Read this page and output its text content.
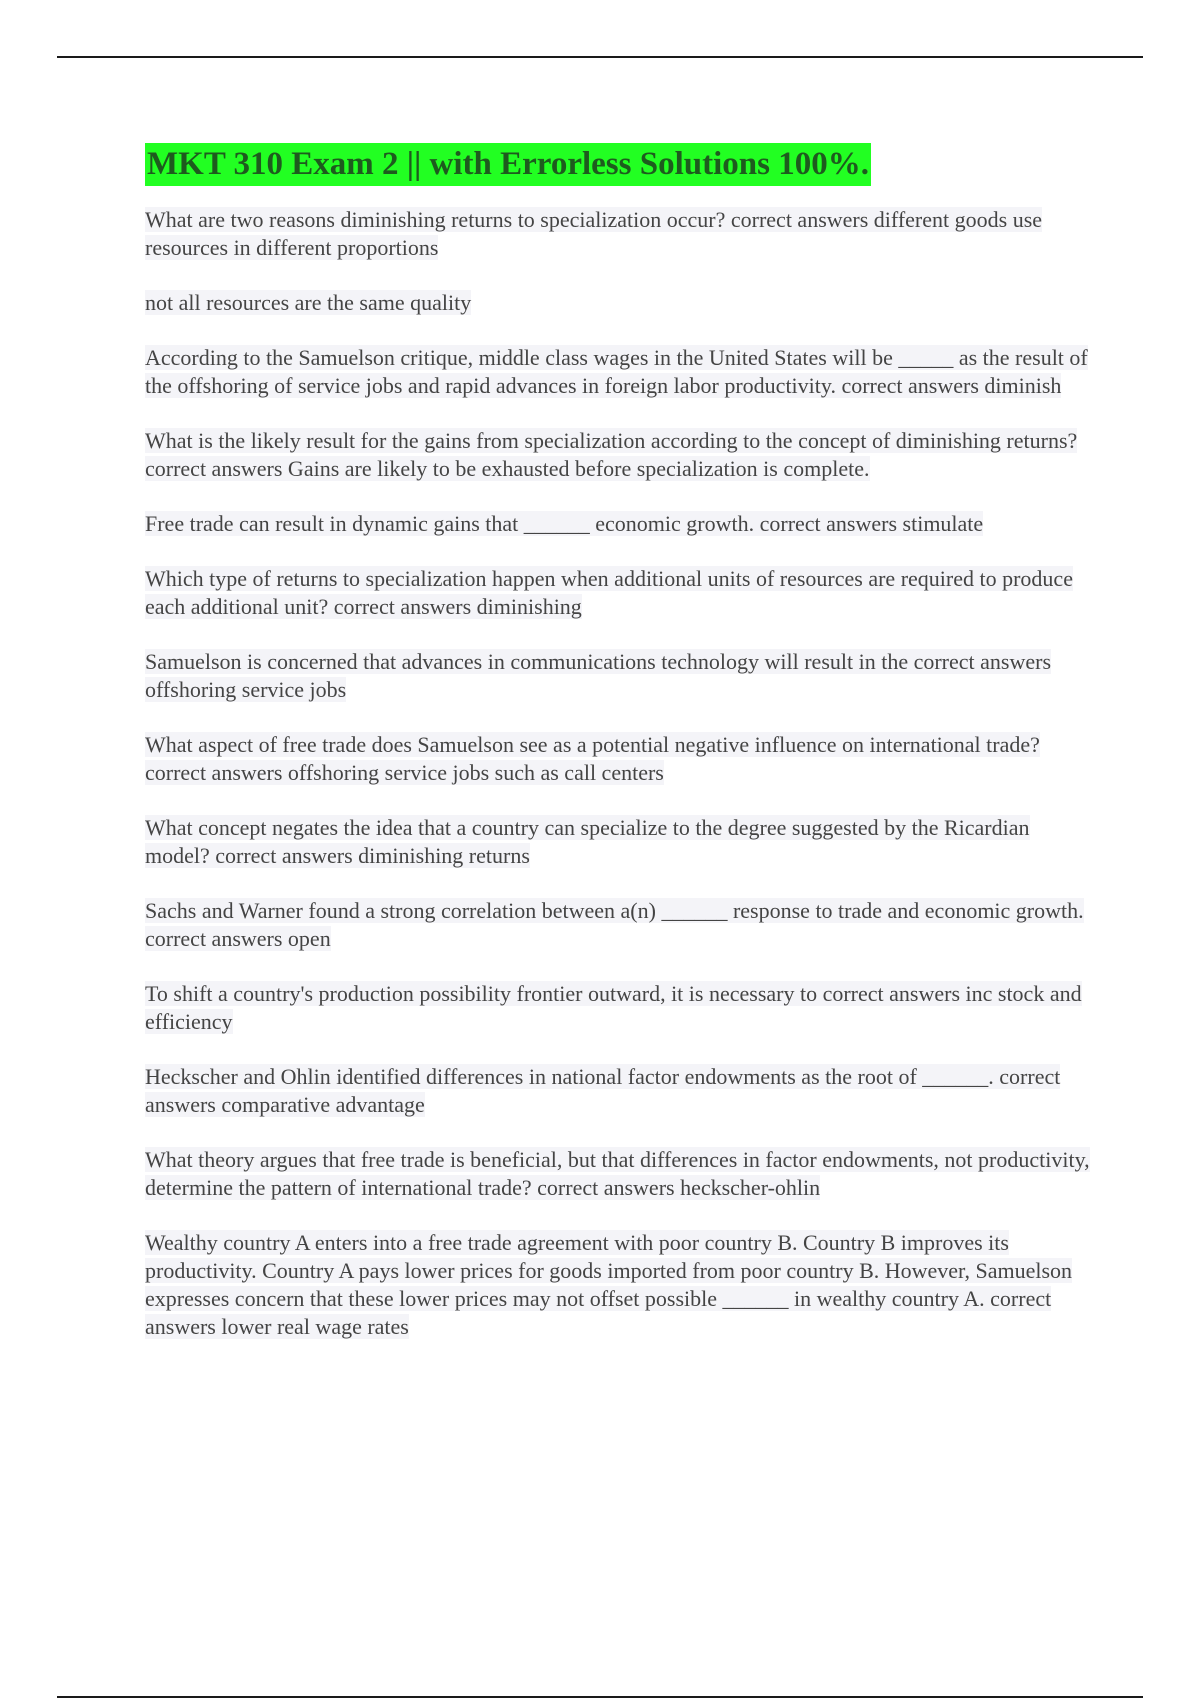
MKT 310 Exam 2 || with Errorless Solutions 100%.

What are two reasons diminishing returns to specialization occur? correct answers different goods use resources in different proportions

not all resources are the same quality

According to the Samuelson critique, middle class wages in the United States will be _____ as the result of the offshoring of service jobs and rapid advances in foreign labor productivity. correct answers diminish

What is the likely result for the gains from specialization according to the concept of diminishing returns? correct answers Gains are likely to be exhausted before specialization is complete.

Free trade can result in dynamic gains that ______ economic growth. correct answers stimulate

Which type of returns to specialization happen when additional units of resources are required to produce each additional unit? correct answers diminishing

Samuelson is concerned that advances in communications technology will result in the correct answers offshoring service jobs

What aspect of free trade does Samuelson see as a potential negative influence on international trade? correct answers offshoring service jobs such as call centers

What concept negates the idea that a country can specialize to the degree suggested by the Ricardian model? correct answers diminishing returns

Sachs and Warner found a strong correlation between a(n) ______ response to trade and economic growth. correct answers open

To shift a country's production possibility frontier outward, it is necessary to correct answers inc stock and efficiency

Heckscher and Ohlin identified differences in national factor endowments as the root of ______. correct answers comparative advantage

What theory argues that free trade is beneficial, but that differences in factor endowments, not productivity, determine the pattern of international trade? correct answers heckscher-ohlin

Wealthy country A enters into a free trade agreement with poor country B. Country B improves its productivity. Country A pays lower prices for goods imported from poor country B. However, Samuelson expresses concern that these lower prices may not offset possible ______ in wealthy country A. correct answers lower real wage rates
